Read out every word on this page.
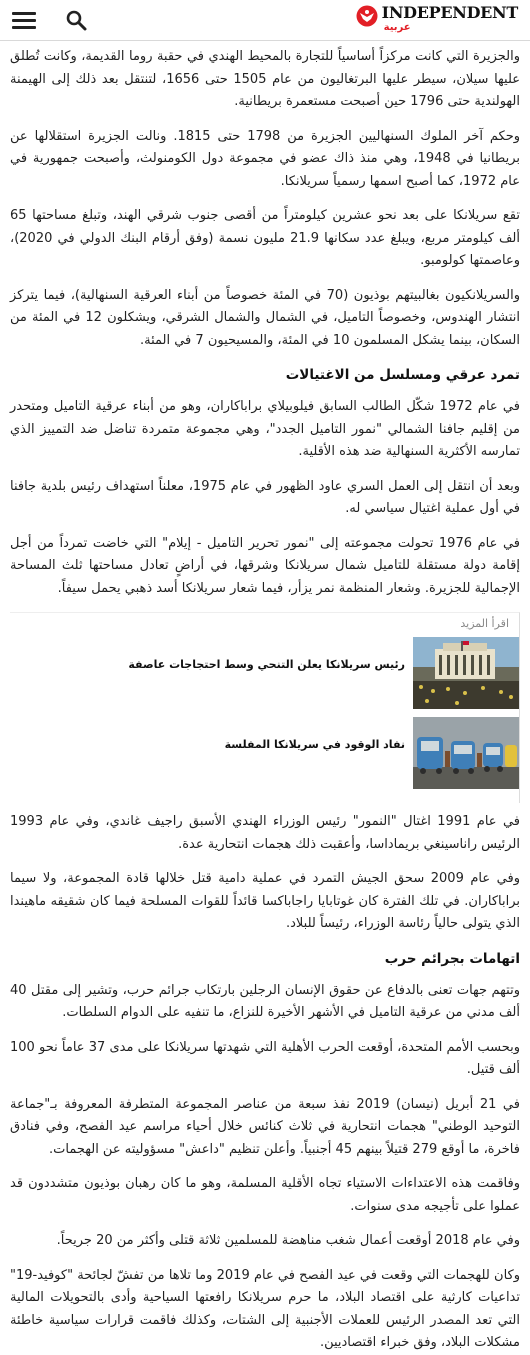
INDEPENDENT
عربية

والجزيرة التي كانت مركزاً أساسياً للتجارة بالمحيط الهندي في حقبة روما القديمة، وكانت تُطلق عليها سيلان، سيطر عليها البرتغاليون من عام 1505 حتى 1656، لتنتقل بعد ذلك إلى الهيمنة الهولندية حتى 1796 حين أصبحت مستعمرة بريطانية.

وحكم آخر الملوك السنهاليين الجزيرة من 1798 حتى 1815. ونالت الجزيرة استقلالها عن بريطانيا في 1948، وهي منذ ذاك عضو في مجموعة دول الكومنولث، وأصبحت جمهورية في عام 1972، كما أصبح اسمها رسمياً سريلانكا.

تقع سريلانكا على بعد نحو عشرين كيلومتراً من أقصى جنوب شرقي الهند، وتبلغ مساحتها 65 ألف كيلومتر مربع، ويبلغ عدد سكانها 21.9 مليون نسمة (وفق أرقام البنك الدولي في 2020)، وعاصمتها كولومبو.

والسريلانكيون بغالبيتهم بوذيون (70 في المئة خصوصاً من أبناء العرقية السنهالية)، فيما يتركز انتشار الهندوس، وخصوصاً التاميل، في الشمال والشمال الشرقي، ويشكلون 12 في المئة من السكان، بينما يشكل المسلمون 10 في المئة، والمسيحيون 7 في المئة.

تمرد عرقي ومسلسل من الاغتيالات

في عام 1972 شكّل الطالب السابق فيلوبيلاي براباكاران، وهو من أبناء عرقية التاميل ومتحدر من إقليم جافنا الشمالي "نمور التاميل الجدد"، وهي مجموعة متمردة تناضل ضد التمييز الذي تمارسه الأكثرية السنهالية ضد هذه الأقلية.

وبعد أن انتقل إلى العمل السري عاود الظهور في عام 1975، معلناً استهداف رئيس بلدية جافنا في أول عملية اغتيال سياسي له.

في عام 1976 تحولت مجموعته إلى "نمور تحرير التاميل - إيلام" التي خاضت تمرداً من أجل إقامة دولة مستقلة للتاميل شمال سريلانكا وشرقها، في أراضٍ تعادل مساحتها ثلث المساحة الإجمالية للجزيرة. وشعار المنظمة نمر يزأر، فيما شعار سريلانكا أسد ذهبي يحمل سيفاً.

اقرأ المزيد
رئيس سريلانكا يعلن التنحي وسط احتجاجات عاصفة
نفاد الوقود في سريلانكا المفلسة

في عام 1991 اغتال "النمور" رئيس الوزراء الهندي الأسبق راجيف غاندي، وفي عام 1993 الرئيس راناسينغي بريماداسا، وأعقبت ذلك هجمات انتحارية عدة.

وفي عام 2009 سحق الجيش التمرد في عملية دامية قتل خلالها قادة المجموعة، ولا سيما براباكاران. في تلك الفترة كان غوتابايا راجاباكسا قائداً للقوات المسلحة فيما كان شقيقه ماهيندا الذي يتولى حالياً رئاسة الوزراء، رئيساً للبلاد.

اتهامات بجرائم حرب

وتتهم جهات تعنى بالدفاع عن حقوق الإنسان الرجلين بارتكاب جرائم حرب، وتشير إلى مقتل 40 ألف مدني من عرقية التاميل في الأشهر الأخيرة للنزاع، ما تنفيه على الدوام السلطات.

وبحسب الأمم المتحدة، أوقعت الحرب الأهلية التي شهدتها سريلانكا على مدى 37 عاماً نحو 100 ألف قتيل.

في 21 أبريل (نيسان) 2019 نفذ سبعة من عناصر المجموعة المتطرفة المعروفة بـ"جماعة التوحيد الوطني" هجمات انتحارية في ثلاث كنائس خلال أحياء مراسم عيد الفصح، وفي فنادق فاخرة، ما أوقع 279 قتيلاً بينهم 45 أجنبياً. وأعلن تنظيم "داعش" مسؤوليته عن الهجمات.

وفاقمت هذه الاعتداءات الاستياء تجاه الأقلية المسلمة، وهو ما كان رهبان بوذيون متشددون قد عملوا على تأجيجه مدى سنوات.

وفي عام 2018 أوقعت أعمال شغب مناهضة للمسلمين ثلاثة قتلى وأكثر من 20 جريحاً.

وكان للهجمات التي وقعت في عيد الفصح في عام 2019 وما تلاها من تفشّ لجائحة "كوفيد-19" تداعيات كارثية على اقتصاد البلاد، ما حرم سريلانكا رافعتها السياحية وأدى بالتحويلات المالية التي تعد المصدر الرئيس للعملات الأجنبية إلى الشتات، وكذلك فاقمت قرارات سياسية خاطئة مشكلات البلاد، وفق خبراء اقتصاديين.
